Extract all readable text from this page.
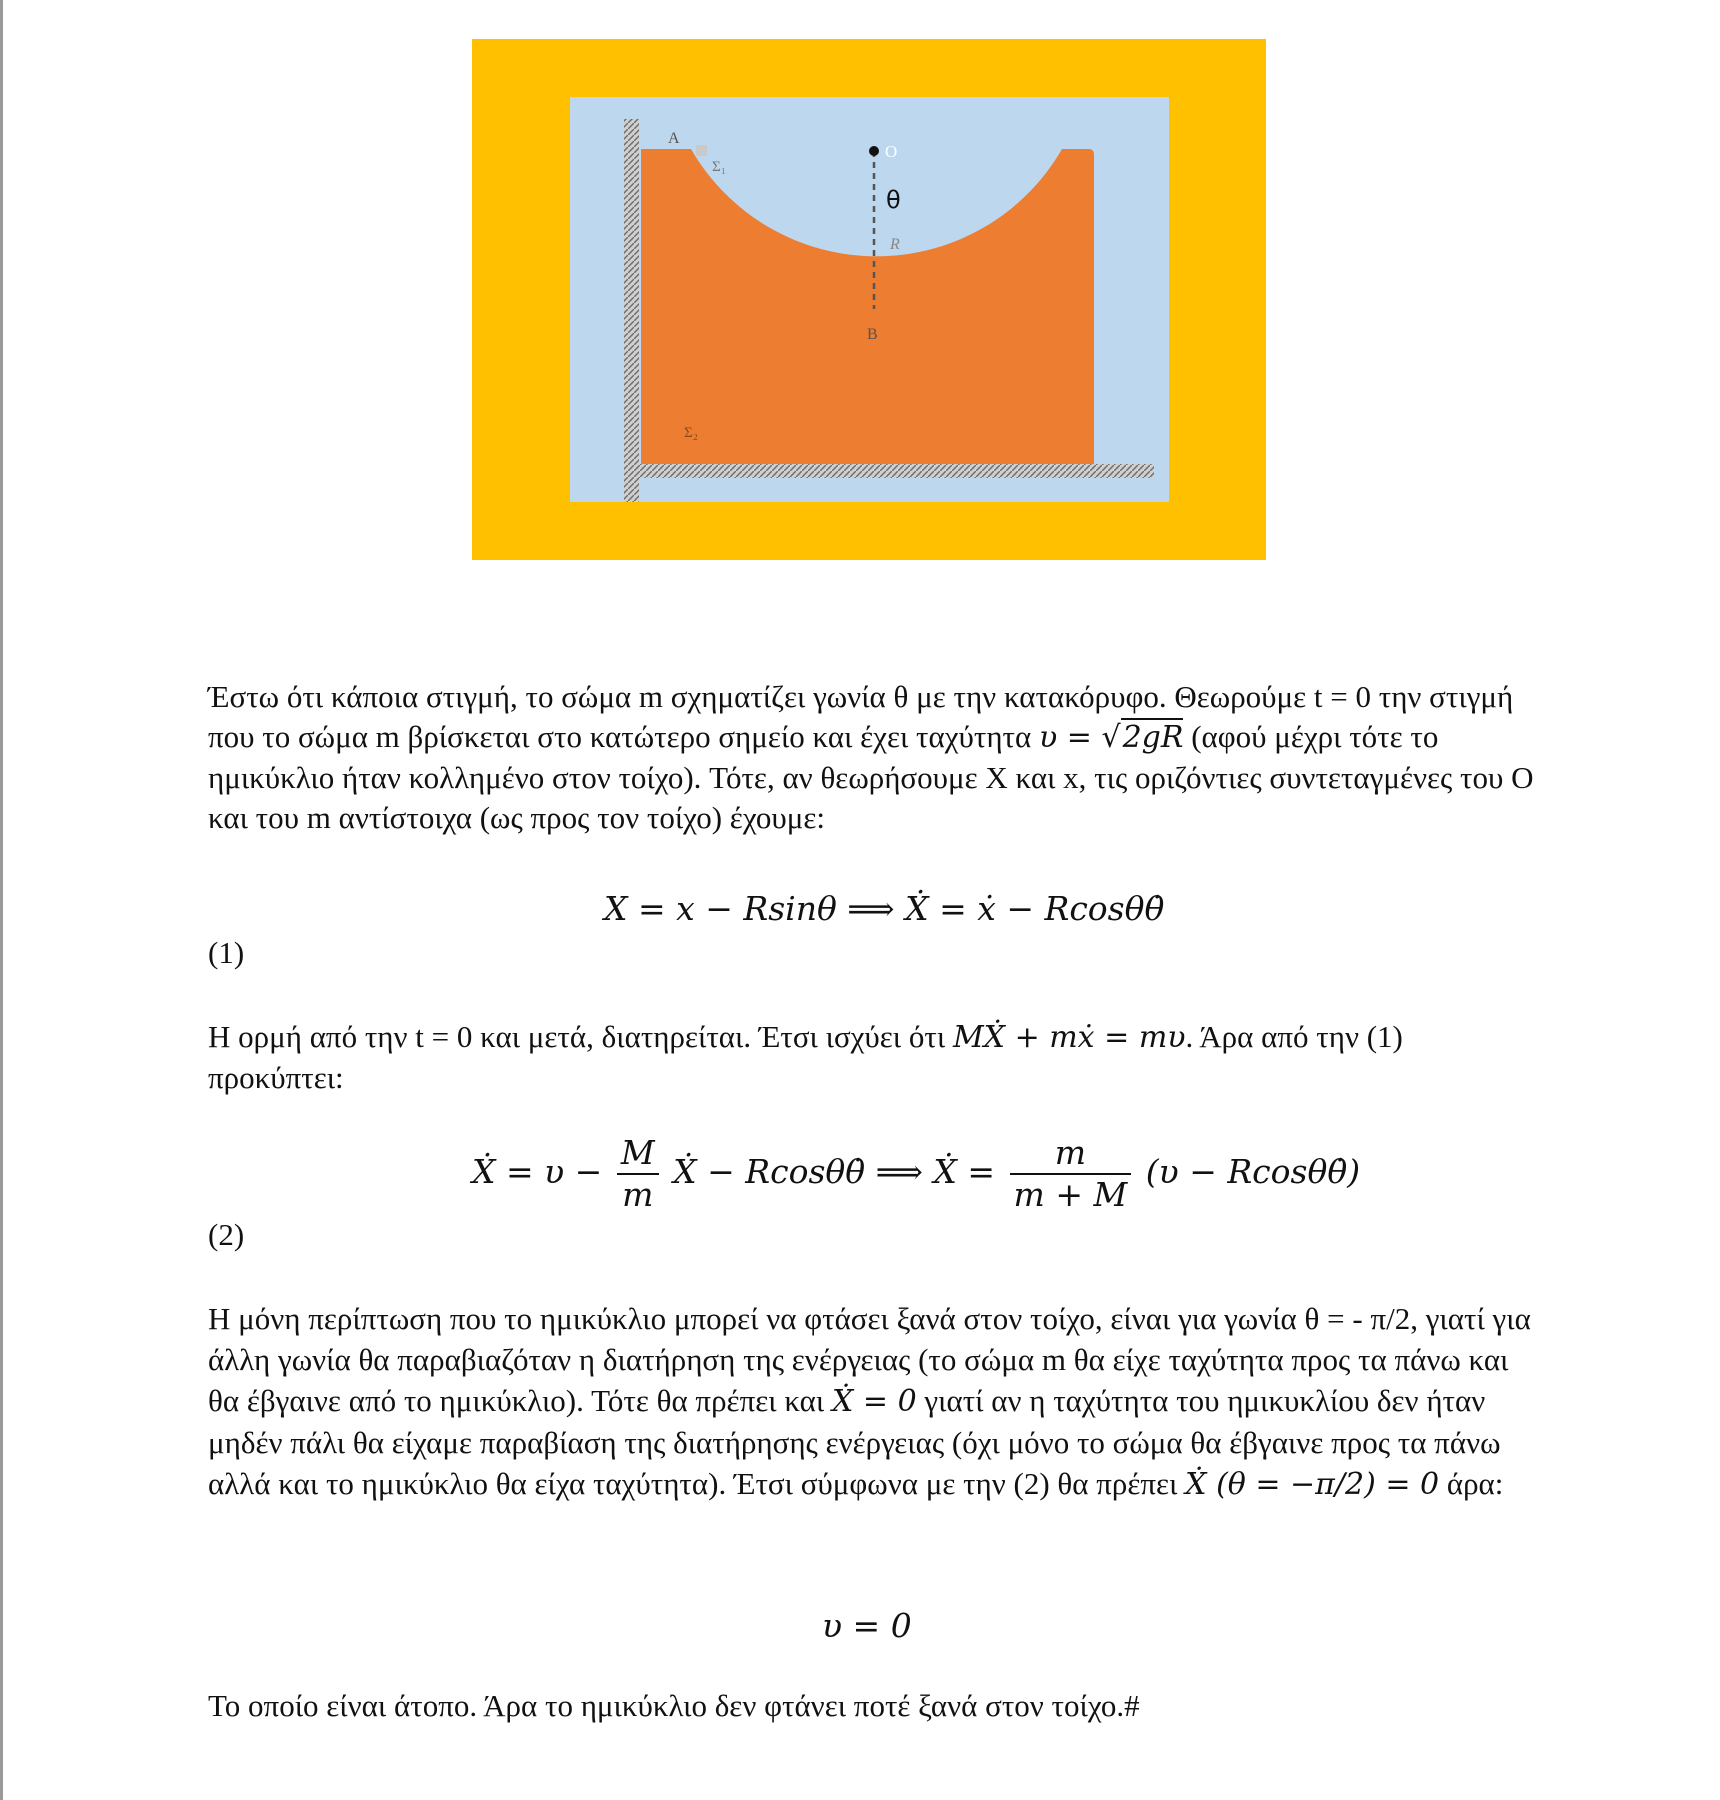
A
O
θ
R
B
Σ₁
Σ₂

Έστω ότι κάποια στιγμή, το σώμα m σχηματίζει γωνία θ με την κατακόρυφο. Θεωρούμε t = 0 την στιγμή που το σώμα m βρίσκεται στο κατώτερο σημείο και έχει ταχύτητα υ = √2gR (αφού μέχρι τότε το ημικύκλιο ήταν κολλημένο στον τοίχο). Τότε, αν θεωρήσουμε X και x, τις οριζόντιες συντεταγμένες του O και του m αντίστοιχα (ως προς τον τοίχο) έχουμε:

X = x − Rsinθ ⟹ Ẋ = ẋ − Rcosθθ̇
(1)

Η ορμή από την t = 0 και μετά, διατηρείται. Έτσι ισχύει ότι MẊ + mẋ = mυ. Άρα από την (1) προκύπτει:

Ẋ = $\upsilon - \frac{M}{m}$ Ẋ − Rcosθθ̇ ⟹ Ẋ = $\frac{m}{m + M} (\upsilon$ − Rcosθθ̇)
(2)

Η μόνη περίπτωση που το ημικύκλιο μπορεί να φτάσει ξανά στον τοίχο, είναι για γωνία θ = - π/2, γιατί για άλλη γωνία θα παραβιαζόταν η διατήρηση της ενέργειας (το σώμα m θα είχε ταχύτητα προς τα πάνω και θα έβγαινε από το ημικύκλιο). Τότε θα πρέπει και Ẋ = 0 γιατί αν η ταχύτητα του ημικυκλίου δεν ήταν μηδέν πάλι θα είχαμε παραβίαση της διατήρησης ενέργειας (όχι μόνο το σώμα θα έβγαινε προς τα πάνω αλλά και το ημικύκλιο θα είχα ταχύτητα). Έτσι σύμφωνα με την (2) θα πρέπει Ẋ (θ = −π/2) = 0 άρα:

υ = 0

Το οποίο είναι άτοπο. Άρα το ημικύκλιο δεν φτάνει ποτέ ξανά στον τοίχο.#
